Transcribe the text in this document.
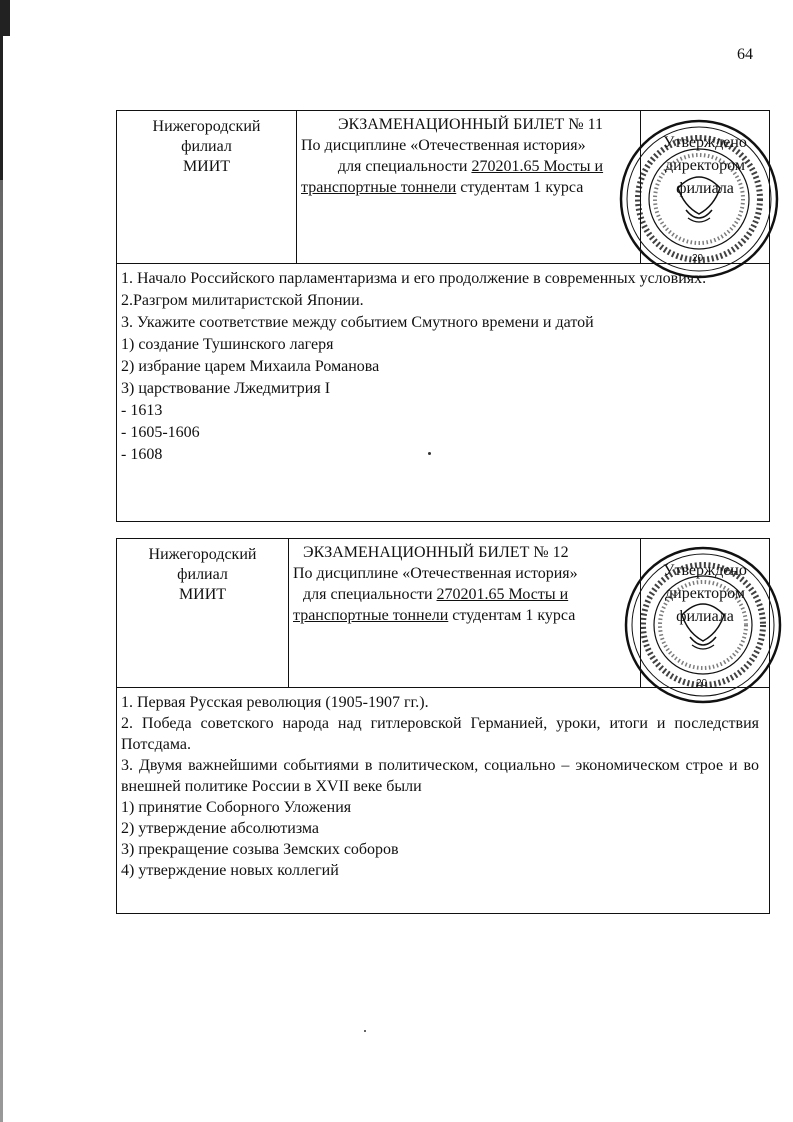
64
Нижегородский
филиал
МИИТ
ЭКЗАМЕНАЦИОННЫЙ БИЛЕТ № 11
По дисциплине «Отечественная история»
для специальности 270201.65 Мосты и
транспортные тоннели студентам 1 курса
Утверждено
директором
филиала
1. Начало Российского парламентаризма и его продолжение в современных условиях.
2.Разгром милитаристской Японии.
3. Укажите соответствие между событием Смутного времени и датой
1) создание Тушинского лагеря
2) избрание царем Михаила Романова
3) царствование Лжедмитрия I
- 1613
- 1605-1606
- 1608
Нижегородский
филиал
МИИТ
ЭКЗАМЕНАЦИОННЫЙ БИЛЕТ № 12
По дисциплине «Отечественная история»
для специальности 270201.65 Мосты и
транспортные тоннели студентам 1 курса
Утверждено
директором
филиала
1. Первая Русская революция (1905-1907 гг.).
2. Победа советского народа над гитлеровской Германией, уроки, итоги и последствия Потсдама.
3. Двумя важнейшими событиями в политическом, социально – экономическом строе и во внешней политике России в XVII веке были
1) принятие Соборного Уложения
2) утверждение абсолютизма
3) прекращение созыва Земских соборов
4) утверждение новых коллегий
20
20
